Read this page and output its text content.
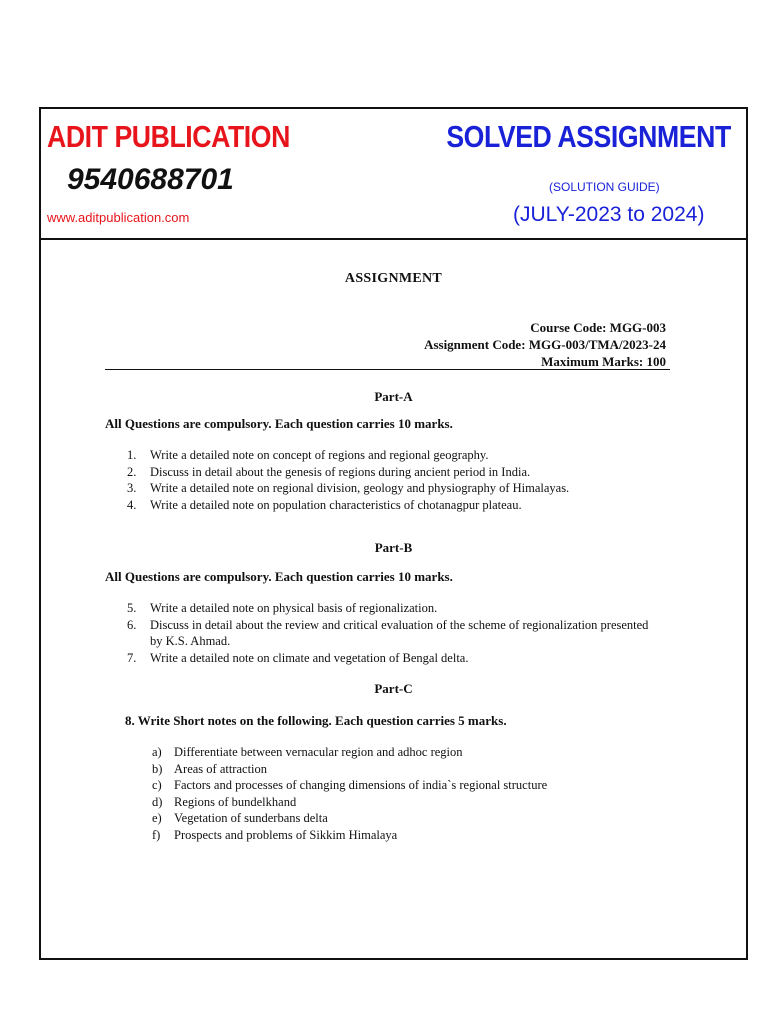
ADIT PUBLICATION
9540688701
www.aditpublication.com
SOLVED ASSIGNMENT
(SOLUTION GUIDE)
(JULY-2023 to 2024)
ASSIGNMENT
Course Code: MGG-003
Assignment Code: MGG-003/TMA/2023-24
Maximum Marks: 100
Part-A
All Questions are compulsory. Each question carries 10 marks.
1. Write a detailed note on concept of regions and regional geography.
2. Discuss in detail about the genesis of regions during ancient period in India.
3. Write a detailed note on regional division, geology and physiography of Himalayas.
4. Write a detailed note on population characteristics of chotanagpur plateau.
Part-B
All Questions are compulsory. Each question carries 10 marks.
5. Write a detailed note on physical basis of regionalization.
6. Discuss in detail about the review and critical evaluation of the scheme of regionalization presented by K.S. Ahmad.
7. Write a detailed note on climate and vegetation of Bengal delta.
Part-C
8. Write Short notes on the following. Each question carries 5 marks.
a) Differentiate between vernacular region and adhoc region
b) Areas of attraction
c) Factors and processes of changing dimensions of india`s regional structure
d) Regions of bundelkhand
e) Vegetation of sunderbans delta
f) Prospects and problems of Sikkim Himalaya
